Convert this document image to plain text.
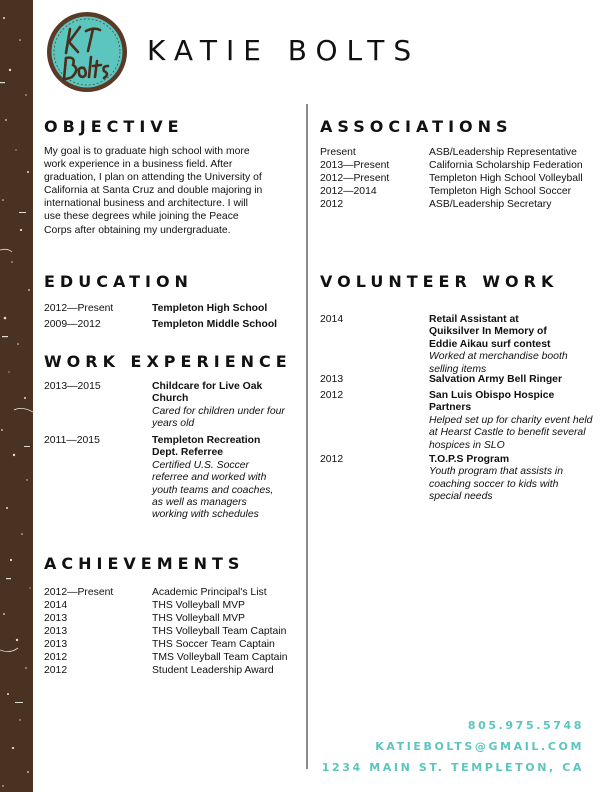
KATIE BOLTS
OBJECTIVE

My goal is to graduate high school with more work experience in a business field. After graduation, I plan on attending the University of California at Santa Cruz and double majoring in international business and architecture. I will use these degrees while joining the Peace Corps after obtaining my undergraduate.

EDUCATION
2012—Present	Templeton High School
2009—2012	Templeton Middle School
WORK EXPERIENCE
2013—2015	Childcare for Live Oak Church
Cared for children under four years old
2011—2015	Templeton Recreation Dept. Referree
Certified U.S. Soccer referree and worked with youth teams and coaches, as well as managers working with schedules
ACHIEVEMENTS
2012—Present	Academic Principal's List
2014	THS Volleyball MVP
2013	THS Volleyball MVP
2013	THS Volleyball Team Captain
2013	THS Soccer Team Captain
2012	TMS Volleyball Team Captain
2012	Student Leadership Award
ASSOCIATIONS
Present	ASB/Leadership Representative
2013—Present	California Scholarship Federation
2012—Present	Templeton High School Volleyball
2012—2014	Templeton High School Soccer
2012	ASB/Leadership Secretary
VOLUNTEER WORK
2014	Retail Assistant at Quiksilver In Memory of Eddie Aikau surf contest
Worked at merchandise booth selling items
2013	Salvation Army Bell Ringer
2012	San Luis Obispo Hospice Partners
Helped set up for charity event held at Hearst Castle to benefit several hospices in SLO
2012	T.O.P.S Program
Youth program that assists in coaching soccer to kids with special needs
805.975.5748
KATIEBOLTS@GMAIL.COM
1234 MAIN ST. TEMPLETON, CA
